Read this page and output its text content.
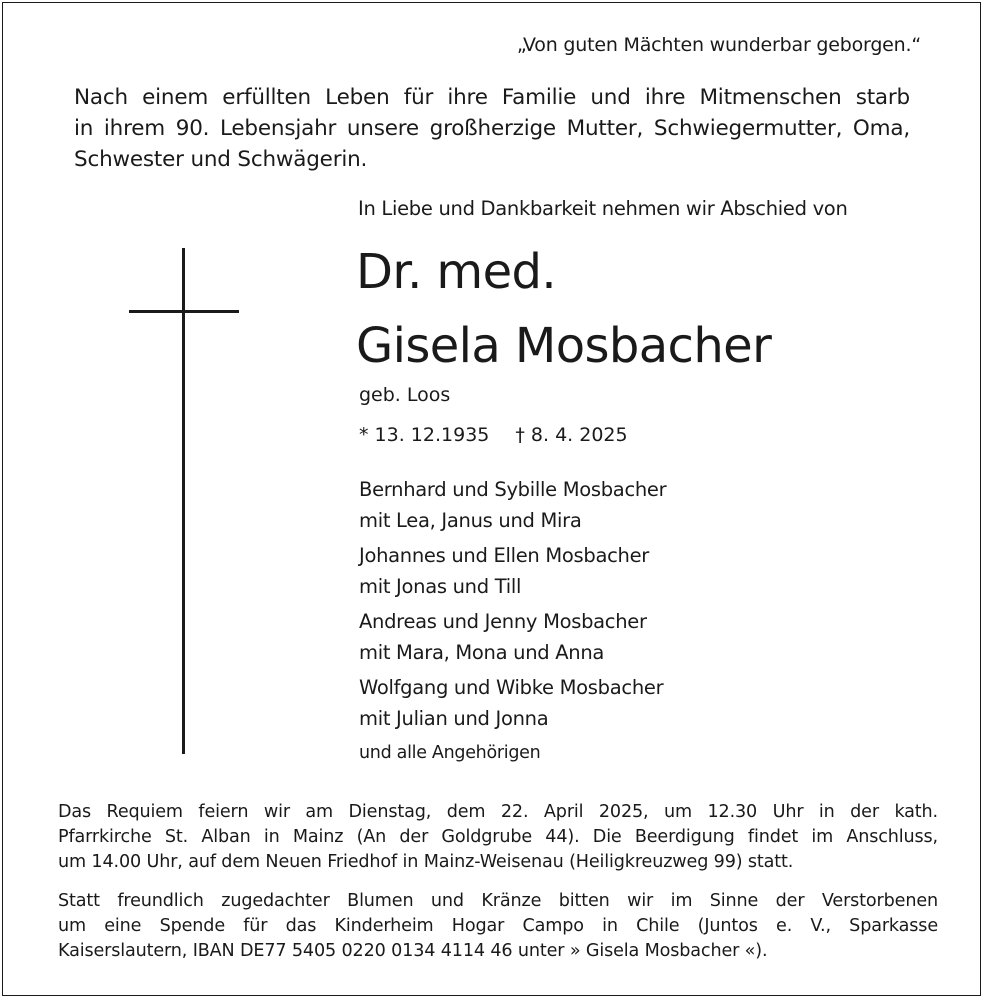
„Von guten Mächten wunderbar geborgen.“
Nach einem erfüllten Leben für ihre Familie und ihre Mitmenschen starb
in ihrem 90. Lebensjahr unsere großherzige Mutter, Schwiegermutter, Oma,
Schwester und Schwägerin.
In Liebe und Dankbarkeit nehmen wir Abschied von
Dr. med.
Gisela Mosbacher
geb. Loos
* 13. 12.1935 † 8. 4. 2025
Bernhard und Sybille Mosbacher
mit Lea, Janus und Mira
Johannes und Ellen Mosbacher
mit Jonas und Till
Andreas und Jenny Mosbacher
mit Mara, Mona und Anna
Wolfgang und Wibke Mosbacher
mit Julian und Jonna
und alle Angehörigen
Das Requiem feiern wir am Dienstag, dem 22. April 2025, um 12.30 Uhr in der kath.
Pfarrkirche St. Alban in Mainz (An der Goldgrube 44). Die Beerdigung findet im Anschluss,
um 14.00 Uhr, auf dem Neuen Friedhof in Mainz-Weisenau (Heiligkreuzweg 99) statt.
Statt freundlich zugedachter Blumen und Kränze bitten wir im Sinne der Verstorbenen
um eine Spende für das Kinderheim Hogar Campo in Chile (Juntos e. V., Sparkasse
Kaiserslautern, IBAN DE77 5405 0220 0134 4114 46 unter » Gisela Mosbacher «).
